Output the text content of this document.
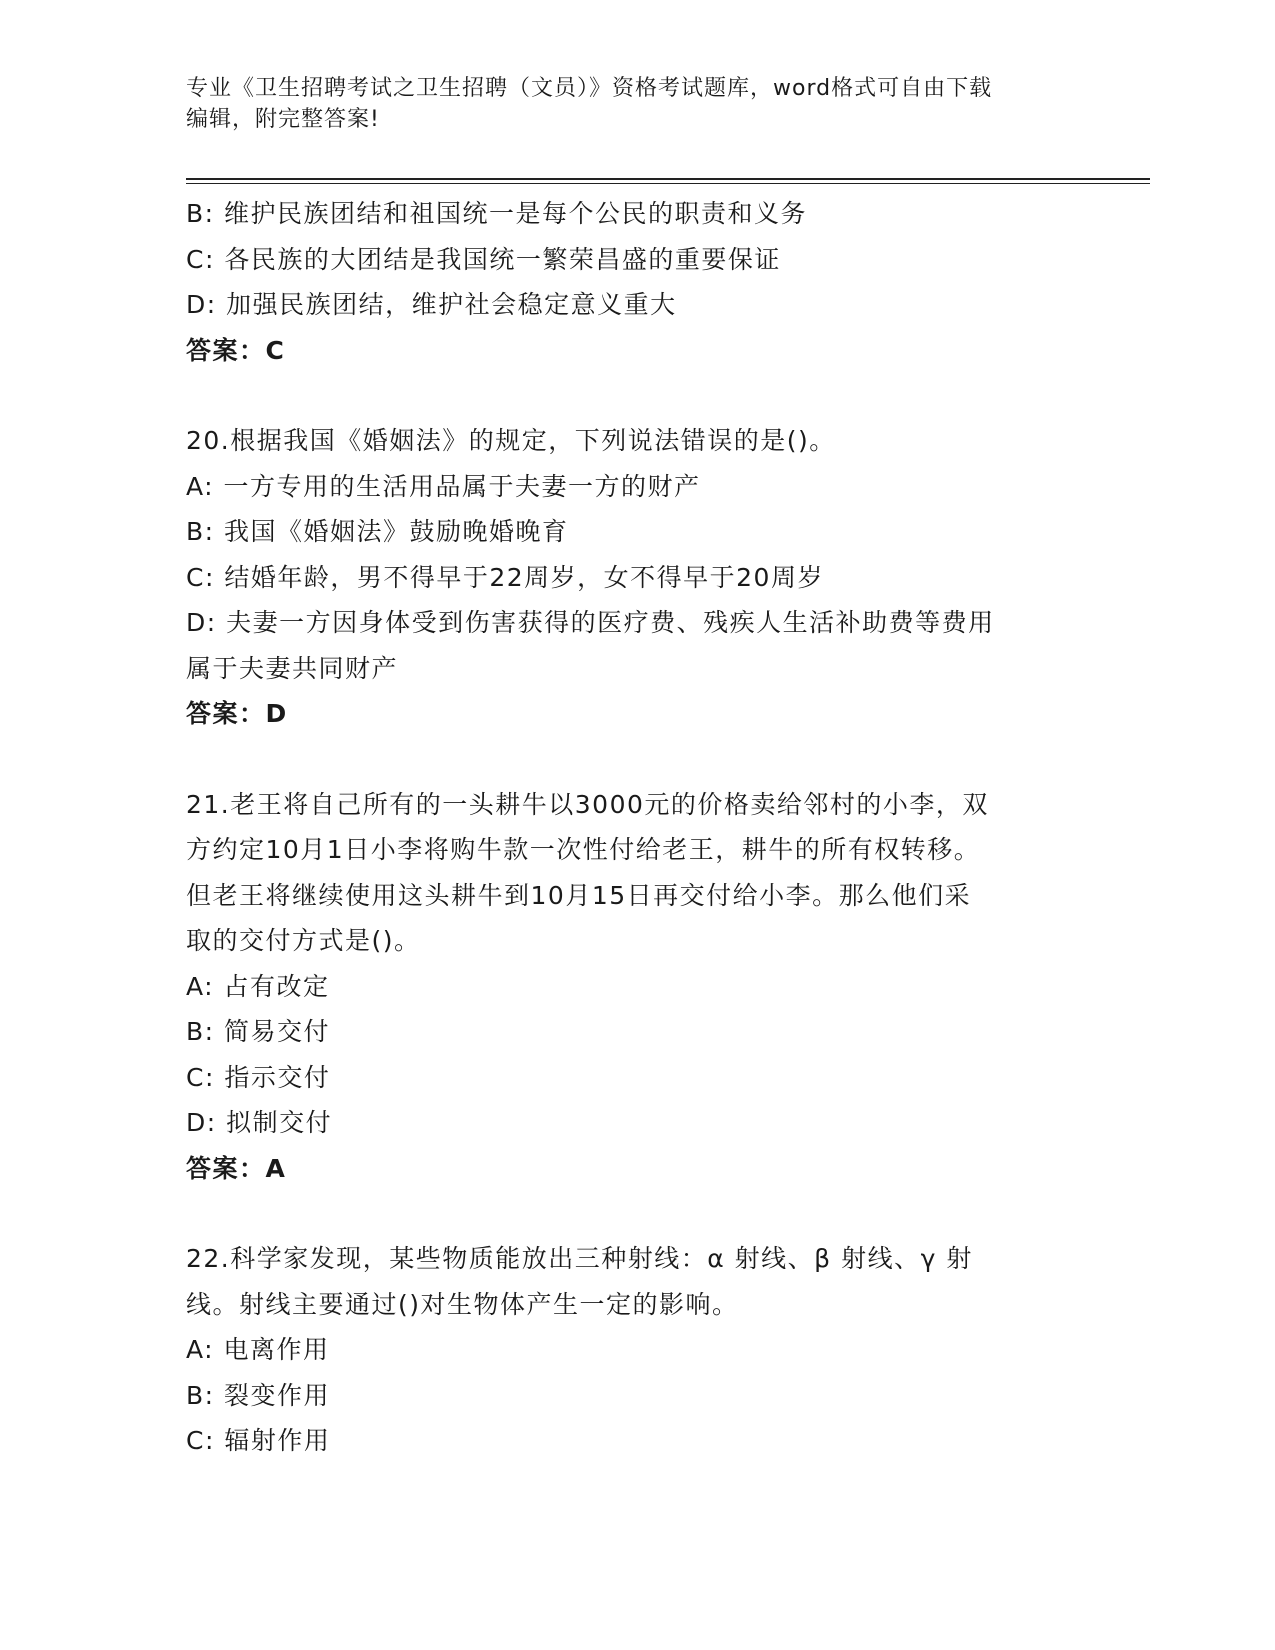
专业《卫生招聘考试之卫生招聘（文员）》资格考试题库，word格式可自由下载
编辑，附完整答案!
B: 维护民族团结和祖国统一是每个公民的职责和义务
C: 各民族的大团结是我国统一繁荣昌盛的重要保证
D: 加强民族团结，维护社会稳定意义重大
答案：C
20.根据我国《婚姻法》的规定，下列说法错误的是()。
A: 一方专用的生活用品属于夫妻一方的财产
B: 我国《婚姻法》鼓励晚婚晚育
C: 结婚年龄，男不得早于22周岁，女不得早于20周岁
D: 夫妻一方因身体受到伤害获得的医疗费、残疾人生活补助费等费用
属于夫妻共同财产
答案：D
21.老王将自己所有的一头耕牛以3000元的价格卖给邻村的小李，双
方约定10月1日小李将购牛款一次性付给老王，耕牛的所有权转移。
但老王将继续使用这头耕牛到10月15日再交付给小李。那么他们采
取的交付方式是()。
A: 占有改定
B: 简易交付
C: 指示交付
D: 拟制交付
答案：A
22.科学家发现，某些物质能放出三种射线：α 射线、β 射线、γ 射
线。射线主要通过()对生物体产生一定的影响。
A: 电离作用
B: 裂变作用
C: 辐射作用
